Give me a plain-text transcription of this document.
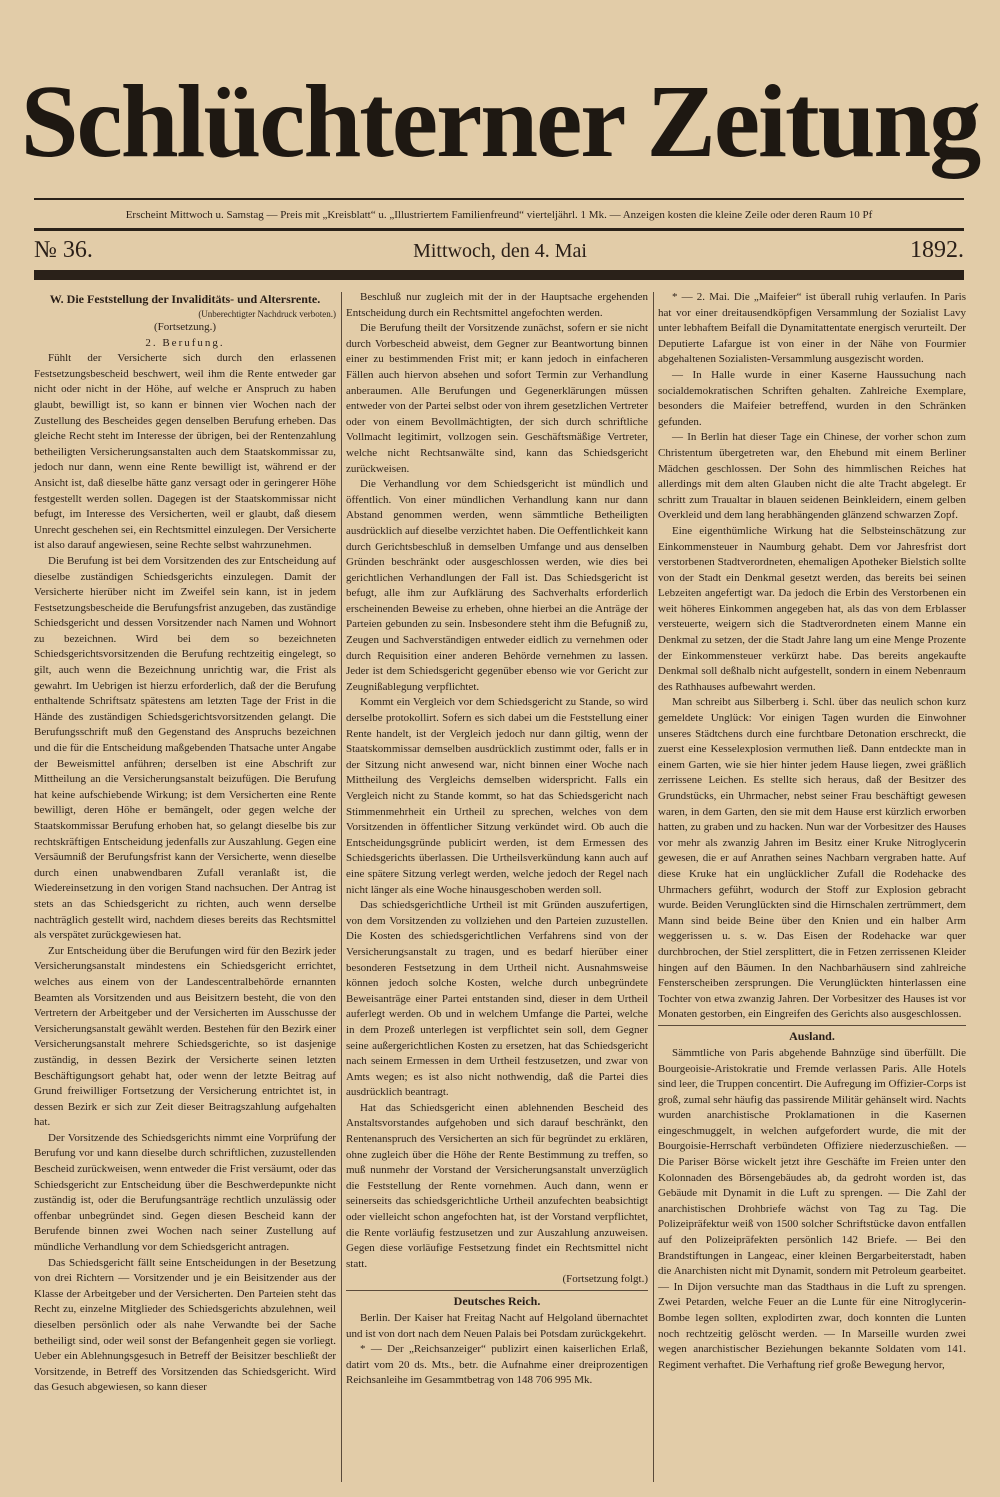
Schlüchterner Zeitung
Erscheint Mittwoch u. Samstag — Preis mit „Kreisblatt“ u. „Illustriertem Familienfreund“ vierteljährl. 1 Mk. — Anzeigen kosten die kleine Zeile oder deren Raum 10 Pf
№ 36.	Mittwoch, den 4. Mai	1892.
W. Die Feststellung der Invaliditäts- und Altersrente.

(Unberechtigter Nachdruck verboten.)

(Fortsetzung.)

2. Berufung.

Fühlt der Versicherte sich durch den erlassenen Festsetzungsbescheid beschwert, weil ihm die Rente entweder gar nicht oder nicht in der Höhe, auf welche er Anspruch zu haben glaubt, bewilligt ist, so kann er binnen vier Wochen nach der Zustellung des Bescheides gegen denselben Berufung erheben. Das gleiche Recht steht im Interesse der übrigen, bei der Rentenzahlung betheiligten Versicherungsanstalten auch dem Staatskommissar zu, jedoch nur dann, wenn eine Rente bewilligt ist, während er der Ansicht ist, daß dieselbe hätte ganz versagt oder in geringerer Höhe festgestellt werden sollen. Dagegen ist der Staatskommissar nicht befugt, im Interesse des Versicherten, weil er glaubt, daß diesem Unrecht geschehen sei, ein Rechtsmittel einzulegen. Der Versicherte ist also darauf angewiesen, seine Rechte selbst wahrzunehmen.

Die Berufung ist bei dem Vorsitzenden des zur Entscheidung auf dieselbe zuständigen Schiedsgerichts einzulegen. Damit der Versicherte hierüber nicht im Zweifel sein kann, ist in jedem Festsetzungsbescheide die Berufungsfrist anzugeben, das zuständige Schiedsgericht und dessen Vorsitzender nach Namen und Wohnort zu bezeichnen. Wird bei dem so bezeichneten Schiedsgerichtsvorsitzenden die Berufung rechtzeitig eingelegt, so gilt, auch wenn die Bezeichnung unrichtig war, die Frist als gewahrt. Im Uebrigen ist hierzu erforderlich, daß der die Berufung enthaltende Schriftsatz spätestens am letzten Tage der Frist in die Hände des zuständigen Schiedsgerichtsvorsitzenden gelangt. Die Berufungsschrift muß den Gegenstand des Anspruchs bezeichnen und die für die Entscheidung maßgebenden Thatsache unter Angabe der Beweismittel anführen; derselben ist eine Abschrift zur Mittheilung an die Versicherungsanstalt beizufügen. Die Berufung hat keine aufschiebende Wirkung; ist dem Versicherten eine Rente bewilligt, deren Höhe er bemängelt, oder gegen welche der Staatskommissar Berufung erhoben hat, so gelangt dieselbe bis zur rechtskräftigen Entscheidung jedenfalls zur Auszahlung. Gegen eine Versäumniß der Berufungsfrist kann der Versicherte, wenn dieselbe durch einen unabwendbaren Zufall veranlaßt ist, die Wiedereinsetzung in den vorigen Stand nachsuchen. Der Antrag ist stets an das Schiedsgericht zu richten, auch wenn derselbe nachträglich gestellt wird, nachdem dieses bereits das Rechtsmittel als verspätet zurückgewiesen hat.

Zur Entscheidung über die Berufungen wird für den Bezirk jeder Versicherungsanstalt mindestens ein Schiedsgericht errichtet, welches aus einem von der Landescentralbehörde ernannten Beamten als Vorsitzenden und aus Beisitzern besteht, die von den Vertretern der Arbeitgeber und der Versicherten im Ausschusse der Versicherungsanstalt gewählt werden. Bestehen für den Bezirk einer Versicherungsanstalt mehrere Schiedsgerichte, so ist dasjenige zuständig, in dessen Bezirk der Versicherte seinen letzten Beschäftigungsort gehabt hat, oder wenn der letzte Beitrag auf Grund freiwilliger Fortsetzung der Versicherung entrichtet ist, in dessen Bezirk er sich zur Zeit dieser Beitragszahlung aufgehalten hat.

Der Vorsitzende des Schiedsgerichts nimmt eine Vorprüfung der Berufung vor und kann dieselbe durch schriftlichen, zuzustellenden Bescheid zurückweisen, wenn entweder die Frist versäumt, oder das Schiedsgericht zur Entscheidung über die Beschwerdepunkte nicht zuständig ist, oder die Berufungsanträge rechtlich unzulässig oder offenbar unbegründet sind. Gegen diesen Bescheid kann der Berufende binnen zwei Wochen nach seiner Zustellung auf mündliche Verhandlung vor dem Schiedsgericht antragen.

Das Schiedsgericht fällt seine Entscheidungen in der Besetzung von drei Richtern — Vorsitzender und je ein Beisitzender aus der Klasse der Arbeitgeber und der Versicherten. Den Parteien steht das Recht zu, einzelne Mitglieder des Schiedsgerichts abzulehnen, weil dieselben persönlich oder als nahe Verwandte bei der Sache betheiligt sind, oder weil sonst der Befangenheit gegen sie vorliegt. Ueber ein Ablehnungsgesuch in Betreff der Beisitzer beschließt der Vorsitzende, in Betreff des Vorsitzenden das Schiedsgericht. Wird das Gesuch abgewiesen, so kann dieser

Beschluß nur zugleich mit der in der Hauptsache ergehenden Entscheidung durch ein Rechtsmittel angefochten werden.

Die Berufung theilt der Vorsitzende zunächst, sofern er sie nicht durch Vorbescheid abweist, dem Gegner zur Beantwortung binnen einer zu bestimmenden Frist mit; er kann jedoch in einfacheren Fällen auch hiervon absehen und sofort Termin zur Verhandlung anberaumen. Alle Berufungen und Gegenerklärungen müssen entweder von der Partei selbst oder von ihrem gesetzlichen Vertreter oder von einem Bevollmächtigten, der sich durch schriftliche Vollmacht legitimirt, vollzogen sein. Geschäftsmäßige Vertreter, welche nicht Rechtsanwälte sind, kann das Schiedsgericht zurückweisen.

Die Verhandlung vor dem Schiedsgericht ist mündlich und öffentlich. Von einer mündlichen Verhandlung kann nur dann Abstand genommen werden, wenn sämmtliche Betheiligten ausdrücklich auf dieselbe verzichtet haben. Die Oeffentlichkeit kann durch Gerichtsbeschluß in demselben Umfange und aus denselben Gründen beschränkt oder ausgeschlossen werden, wie dies bei gerichtlichen Verhandlungen der Fall ist. Das Schiedsgericht ist befugt, alle ihm zur Aufklärung des Sachverhalts erforderlich erscheinenden Beweise zu erheben, ohne hierbei an die Anträge der Parteien gebunden zu sein. Insbesondere steht ihm die Befugniß zu, Zeugen und Sachverständigen entweder eidlich zu vernehmen oder durch Requisition einer anderen Behörde vernehmen zu lassen. Jeder ist dem Schiedsgericht gegenüber ebenso wie vor Gericht zur Zeugnißablegung verpflichtet.

Kommt ein Vergleich vor dem Schiedsgericht zu Stande, so wird derselbe protokollirt. Sofern es sich dabei um die Feststellung einer Rente handelt, ist der Vergleich jedoch nur dann giltig, wenn der Staatskommissar demselben ausdrücklich zustimmt oder, falls er in der Sitzung nicht anwesend war, nicht binnen einer Woche nach Mittheilung des Vergleichs demselben widerspricht. Falls ein Vergleich nicht zu Stande kommt, so hat das Schiedsgericht nach Stimmenmehrheit ein Urtheil zu sprechen, welches von dem Vorsitzenden in öffentlicher Sitzung verkündet wird. Ob auch die Entscheidungsgründe publicirt werden, ist dem Ermessen des Schiedsgerichts überlassen. Die Urtheilsverkündung kann auch auf eine spätere Sitzung verlegt werden, welche jedoch der Regel nach nicht länger als eine Woche hinausgeschoben werden soll.

Das schiedsgerichtliche Urtheil ist mit Gründen auszufertigen, von dem Vorsitzenden zu vollziehen und den Parteien zuzustellen. Die Kosten des schiedsgerichtlichen Verfahrens sind von der Versicherungsanstalt zu tragen, und es bedarf hierüber einer besonderen Festsetzung in dem Urtheil nicht. Ausnahmsweise können jedoch solche Kosten, welche durch unbegründete Beweisanträge einer Partei entstanden sind, dieser in dem Urtheil auferlegt werden. Ob und in welchem Umfange die Partei, welche in dem Prozeß unterlegen ist verpflichtet sein soll, dem Gegner seine außergerichtlichen Kosten zu ersetzen, hat das Schiedsgericht nach seinem Ermessen in dem Urtheil festzusetzen, und zwar von Amts wegen; es ist also nicht nothwendig, daß die Partei dies ausdrücklich beantragt.

Hat das Schiedsgericht einen ablehnenden Bescheid des Anstaltsvorstandes aufgehoben und sich darauf beschränkt, den Rentenanspruch des Versicherten an sich für begründet zu erklären, ohne zugleich über die Höhe der Rente Bestimmung zu treffen, so muß nunmehr der Vorstand der Versicherungsanstalt unverzüglich die Feststellung der Rente vornehmen. Auch dann, wenn er seinerseits das schiedsgerichtliche Urtheil anzufechten beabsichtigt oder vielleicht schon angefochten hat, ist der Vorstand verpflichtet, die Rente vorläufig festzusetzen und zur Auszahlung anzuweisen. Gegen diese vorläufige Festsetzung findet ein Rechtsmittel nicht statt.

(Fortsetzung folgt.)

Deutsches Reich.

Berlin. Der Kaiser hat Freitag Nacht auf Helgoland übernachtet und ist von dort nach dem Neuen Palais bei Potsdam zurückgekehrt.

* — Der „Reichsanzeiger“ publizirt einen kaiserlichen Erlaß, datirt vom 20 ds. Mts., betr. die Aufnahme einer dreiprozentigen Reichsanleihe im Gesammtbetrag von 148 706 995 Mk.

* — 2. Mai. Die „Maifeier“ ist überall ruhig verlaufen. In Paris hat vor einer dreitausendköpfigen Versammlung der Sozialist Lavy unter lebhaftem Beifall die Dynamitattentate energisch verurteilt. Der Deputierte Lafargue ist von einer in der Nähe von Fourmier abgehaltenen Sozialisten-Versammlung ausgezischt worden.

— In Halle wurde in einer Kaserne Haussuchung nach socialdemokratischen Schriften gehalten. Zahlreiche Exemplare, besonders die Maifeier betreffend, wurden in den Schränken gefunden.

— In Berlin hat dieser Tage ein Chinese, der vorher schon zum Christentum übergetreten war, den Ehebund mit einem Berliner Mädchen geschlossen. Der Sohn des himmlischen Reiches hat allerdings mit dem alten Glauben nicht die alte Tracht abgelegt. Er schritt zum Traualtar in blauen seidenen Beinkleidern, einem gelben Overkleid und dem lang herabhängenden glänzend schwarzen Zopf.

Eine eigenthümliche Wirkung hat die Selbsteinschätzung zur Einkommensteuer in Naumburg gehabt. Dem vor Jahresfrist dort verstorbenen Stadtverordneten, ehemaligen Apotheker Bielstich sollte von der Stadt ein Denkmal gesetzt werden, das bereits bei seinen Lebzeiten angefertigt war. Da jedoch die Erbin des Verstorbenen ein weit höheres Einkommen angegeben hat, als das von dem Erblasser versteuerte, weigern sich die Stadtverordneten einem Manne ein Denkmal zu setzen, der die Stadt Jahre lang um eine Menge Prozente der Einkommensteuer verkürzt habe. Das bereits angekaufte Denkmal soll deßhalb nicht aufgestellt, sondern in einem Nebenraum des Rathhauses aufbewahrt werden.

Man schreibt aus Silberberg i. Schl. über das neulich schon kurz gemeldete Unglück: Vor einigen Tagen wurden die Einwohner unseres Städtchens durch eine furchtbare Detonation erschreckt, die zuerst eine Kesselexplosion vermuthen ließ. Dann entdeckte man in einem Garten, wie sie hier hinter jedem Hause liegen, zwei gräßlich zerrissene Leichen. Es stellte sich heraus, daß der Besitzer des Grundstücks, ein Uhrmacher, nebst seiner Frau beschäftigt gewesen waren, in dem Garten, den sie mit dem Hause erst kürzlich erworben hatten, zu graben und zu hacken. Nun war der Vorbesitzer des Hauses vor mehr als zwanzig Jahren im Besitz einer Kruke Nitroglycerin gewesen, die er auf Anrathen seines Nachbarn vergraben hatte. Auf diese Kruke hat ein unglücklicher Zufall die Rodehacke des Uhrmachers geführt, wodurch der Stoff zur Explosion gebracht wurde. Beiden Verunglückten sind die Hirnschalen zertrümmert, dem Mann sind beide Beine über den Knien und ein halber Arm weggerissen u. s. w. Das Eisen der Rodehacke war quer durchbrochen, der Stiel zersplittert, die in Fetzen zerrissenen Kleider hingen auf den Bäumen. In den Nachbarhäusern sind zahlreiche Fensterscheiben zersprungen. Die Verunglückten hinterlassen eine Tochter von etwa zwanzig Jahren. Der Vorbesitzer des Hauses ist vor Monaten gestorben, ein Eingreifen des Gerichts also ausgeschlossen.

Ausland.

Sämmtliche von Paris abgehende Bahnzüge sind überfüllt. Die Bourgeoisie-Aristokratie und Fremde verlassen Paris. Alle Hotels sind leer, die Truppen concentirt. Die Aufregung im Offizier-Corps ist groß, zumal sehr häufig das passirende Militär gehänselt wird. Nachts wurden anarchistische Proklamationen in die Kasernen eingeschmuggelt, in welchen aufgefordert wurde, die mit der Bourgoisie-Herrschaft verbündeten Offiziere niederzuschießen. — Die Pariser Börse wickelt jetzt ihre Geschäfte im Freien unter den Kolonnaden des Börsengebäudes ab, da gedroht worden ist, das Gebäude mit Dynamit in die Luft zu sprengen. — Die Zahl der anarchistischen Drohbriefe wächst von Tag zu Tag. Die Polizeipräfektur weiß von 1500 solcher Schriftstücke davon entfallen auf den Polizeipräfekten persönlich 142 Briefe. — Bei den Brandstiftungen in Langeac, einer kleinen Bergarbeiterstadt, haben die Anarchisten nicht mit Dynamit, sondern mit Petroleum gearbeitet. — In Dijon versuchte man das Stadthaus in die Luft zu sprengen. Zwei Petarden, welche Feuer an die Lunte für eine Nitroglycerin-Bombe legen sollten, explodirten zwar, doch konnten die Lunten noch rechtzeitig gelöscht werden. — In Marseille wurden zwei wegen anarchistischer Beziehungen bekannte Soldaten vom 141. Regiment verhaftet. Die Verhaftung rief große Bewegung hervor,
